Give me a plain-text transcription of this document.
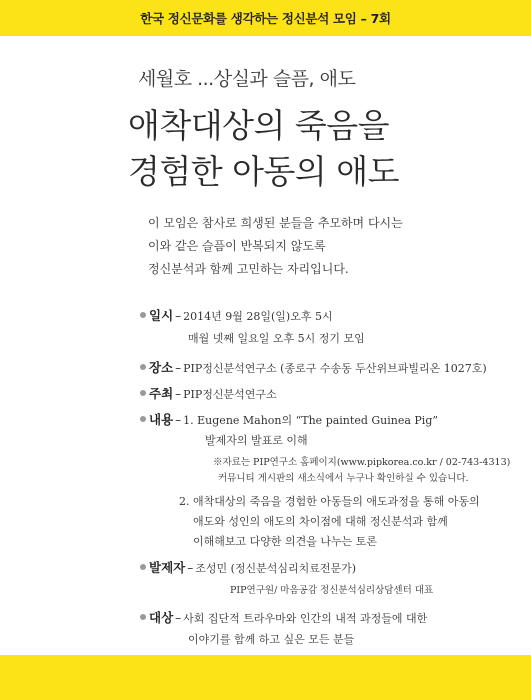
한국 정신문화를 생각하는 정신분석 모임 – 7회
세월호 ...상실과 슬픔, 애도
애착대상의 죽음을
경험한 아동의 애도
이 모임은 참사로 희생된 분들을 추모하며 다시는
이와 같은 슬픔이 반복되지 않도록
정신분석과 함께 고민하는 자리입니다.
일시 – 2014년 9월 28일(일)오후 5시
매월 넷째 일요일 오후 5시 정기 모임
장소 – PIP정신분석연구소 (종로구 수송동 두산위브파빌리온 1027호)
주최 – PIP정신분석연구소
내용 – 1. Eugene Mahon의 “The painted Guinea Pig”
발제자의 발표로 이해
※자료는 PIP연구소 홈페이지(www.pipkorea.co.kr / 02-743-4313)
커뮤니티 게시판의 새소식에서 누구나 확인하실 수 있습니다.
2. 애착대상의 죽음을 경험한 아동들의 애도과정을 통해 아동의
애도와 성인의 애도의 차이점에 대해 정신분석과 함께
이해해보고 다양한 의견을 나누는 토론
발제자 – 조성민 (정신분석심리치료전문가)
PIP연구원/ 마음공감 정신분석심리상담센터 대표
대상 – 사회 집단적 트라우마와 인간의 내적 과정들에 대한
이야기를 함께 하고 싶은 모든 분들
